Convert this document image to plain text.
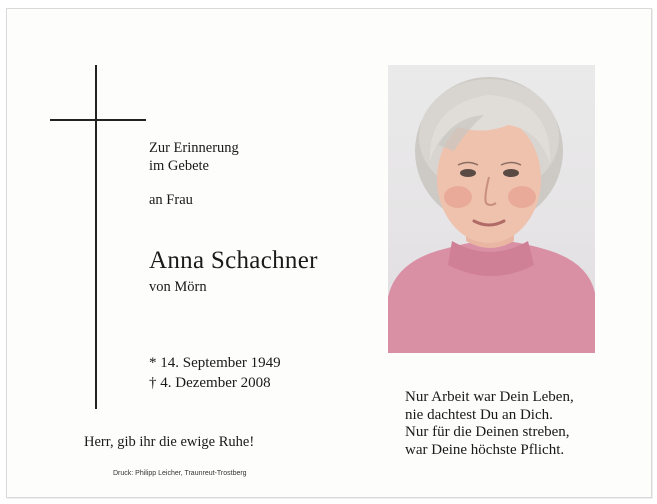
Zur Erinnerung
im Gebete
an Frau
Anna Schachner
von Mörn
* 14. September 1949
† 4. Dezember 2008
Herr, gib ihr die ewige Ruhe!
Druck: Philipp Leicher, Traunreut-Trostberg
Nur Arbeit war Dein Leben,
nie dachtest Du an Dich.
Nur für die Deinen streben,
war Deine höchste Pflicht.
